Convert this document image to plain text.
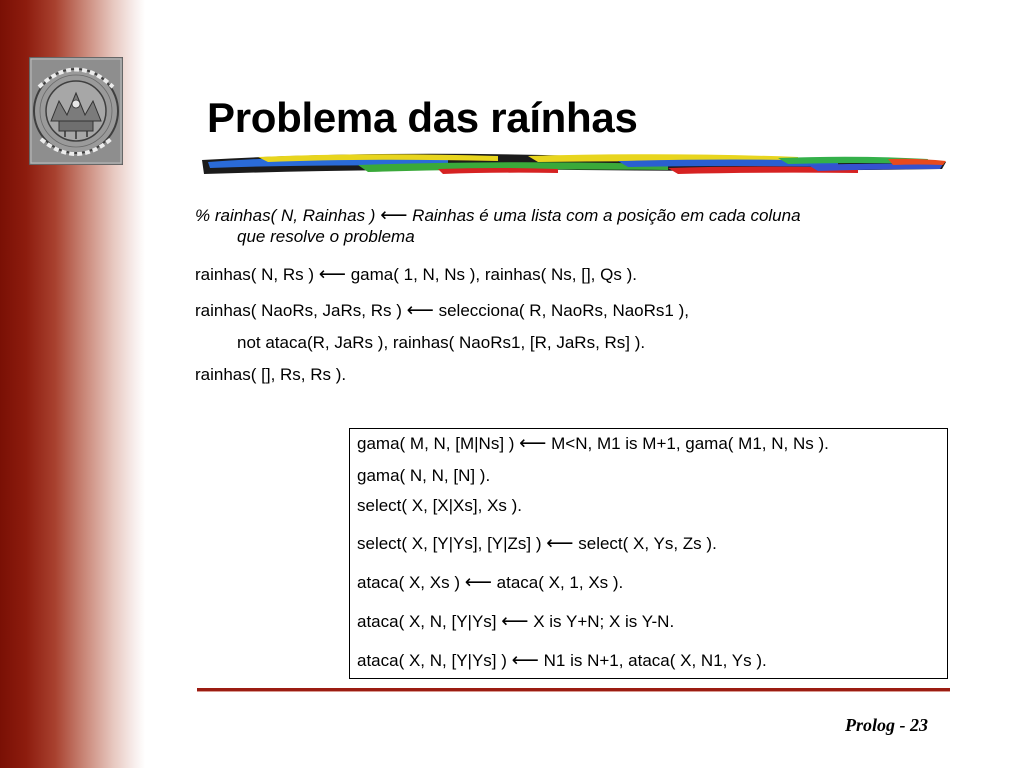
Problema das raínhas
% rainhas( N, Rainhas ) ⟵ Rainhas é uma lista com a posição em cada coluna
que resolve o problema
rainhas( N, Rs ) ⟵ gama( 1, N, Ns ), rainhas( Ns, [], Qs ).
rainhas( NaoRs, JaRs, Rs ) ⟵ selecciona( R, NaoRs, NaoRs1 ),
not ataca(R, JaRs ), rainhas( NaoRs1, [R, JaRs, Rs] ).
rainhas( [], Rs, Rs ).
gama( M, N, [M|Ns] ) ⟵ M<N, M1 is M+1, gama( M1, N, Ns ).
gama( N, N, [N] ).
select( X, [X|Xs], Xs ).
select( X, [Y|Ys], [Y|Zs] ) ⟵ select( X, Ys, Zs ).
ataca( X, Xs ) ⟵ ataca( X, 1, Xs ).
ataca( X, N, [Y|Ys] ⟵ X is Y+N; X is Y-N.
ataca( X, N, [Y|Ys] ) ⟵ N1 is N+1, ataca( X, N1, Ys ).
Prolog - 23
